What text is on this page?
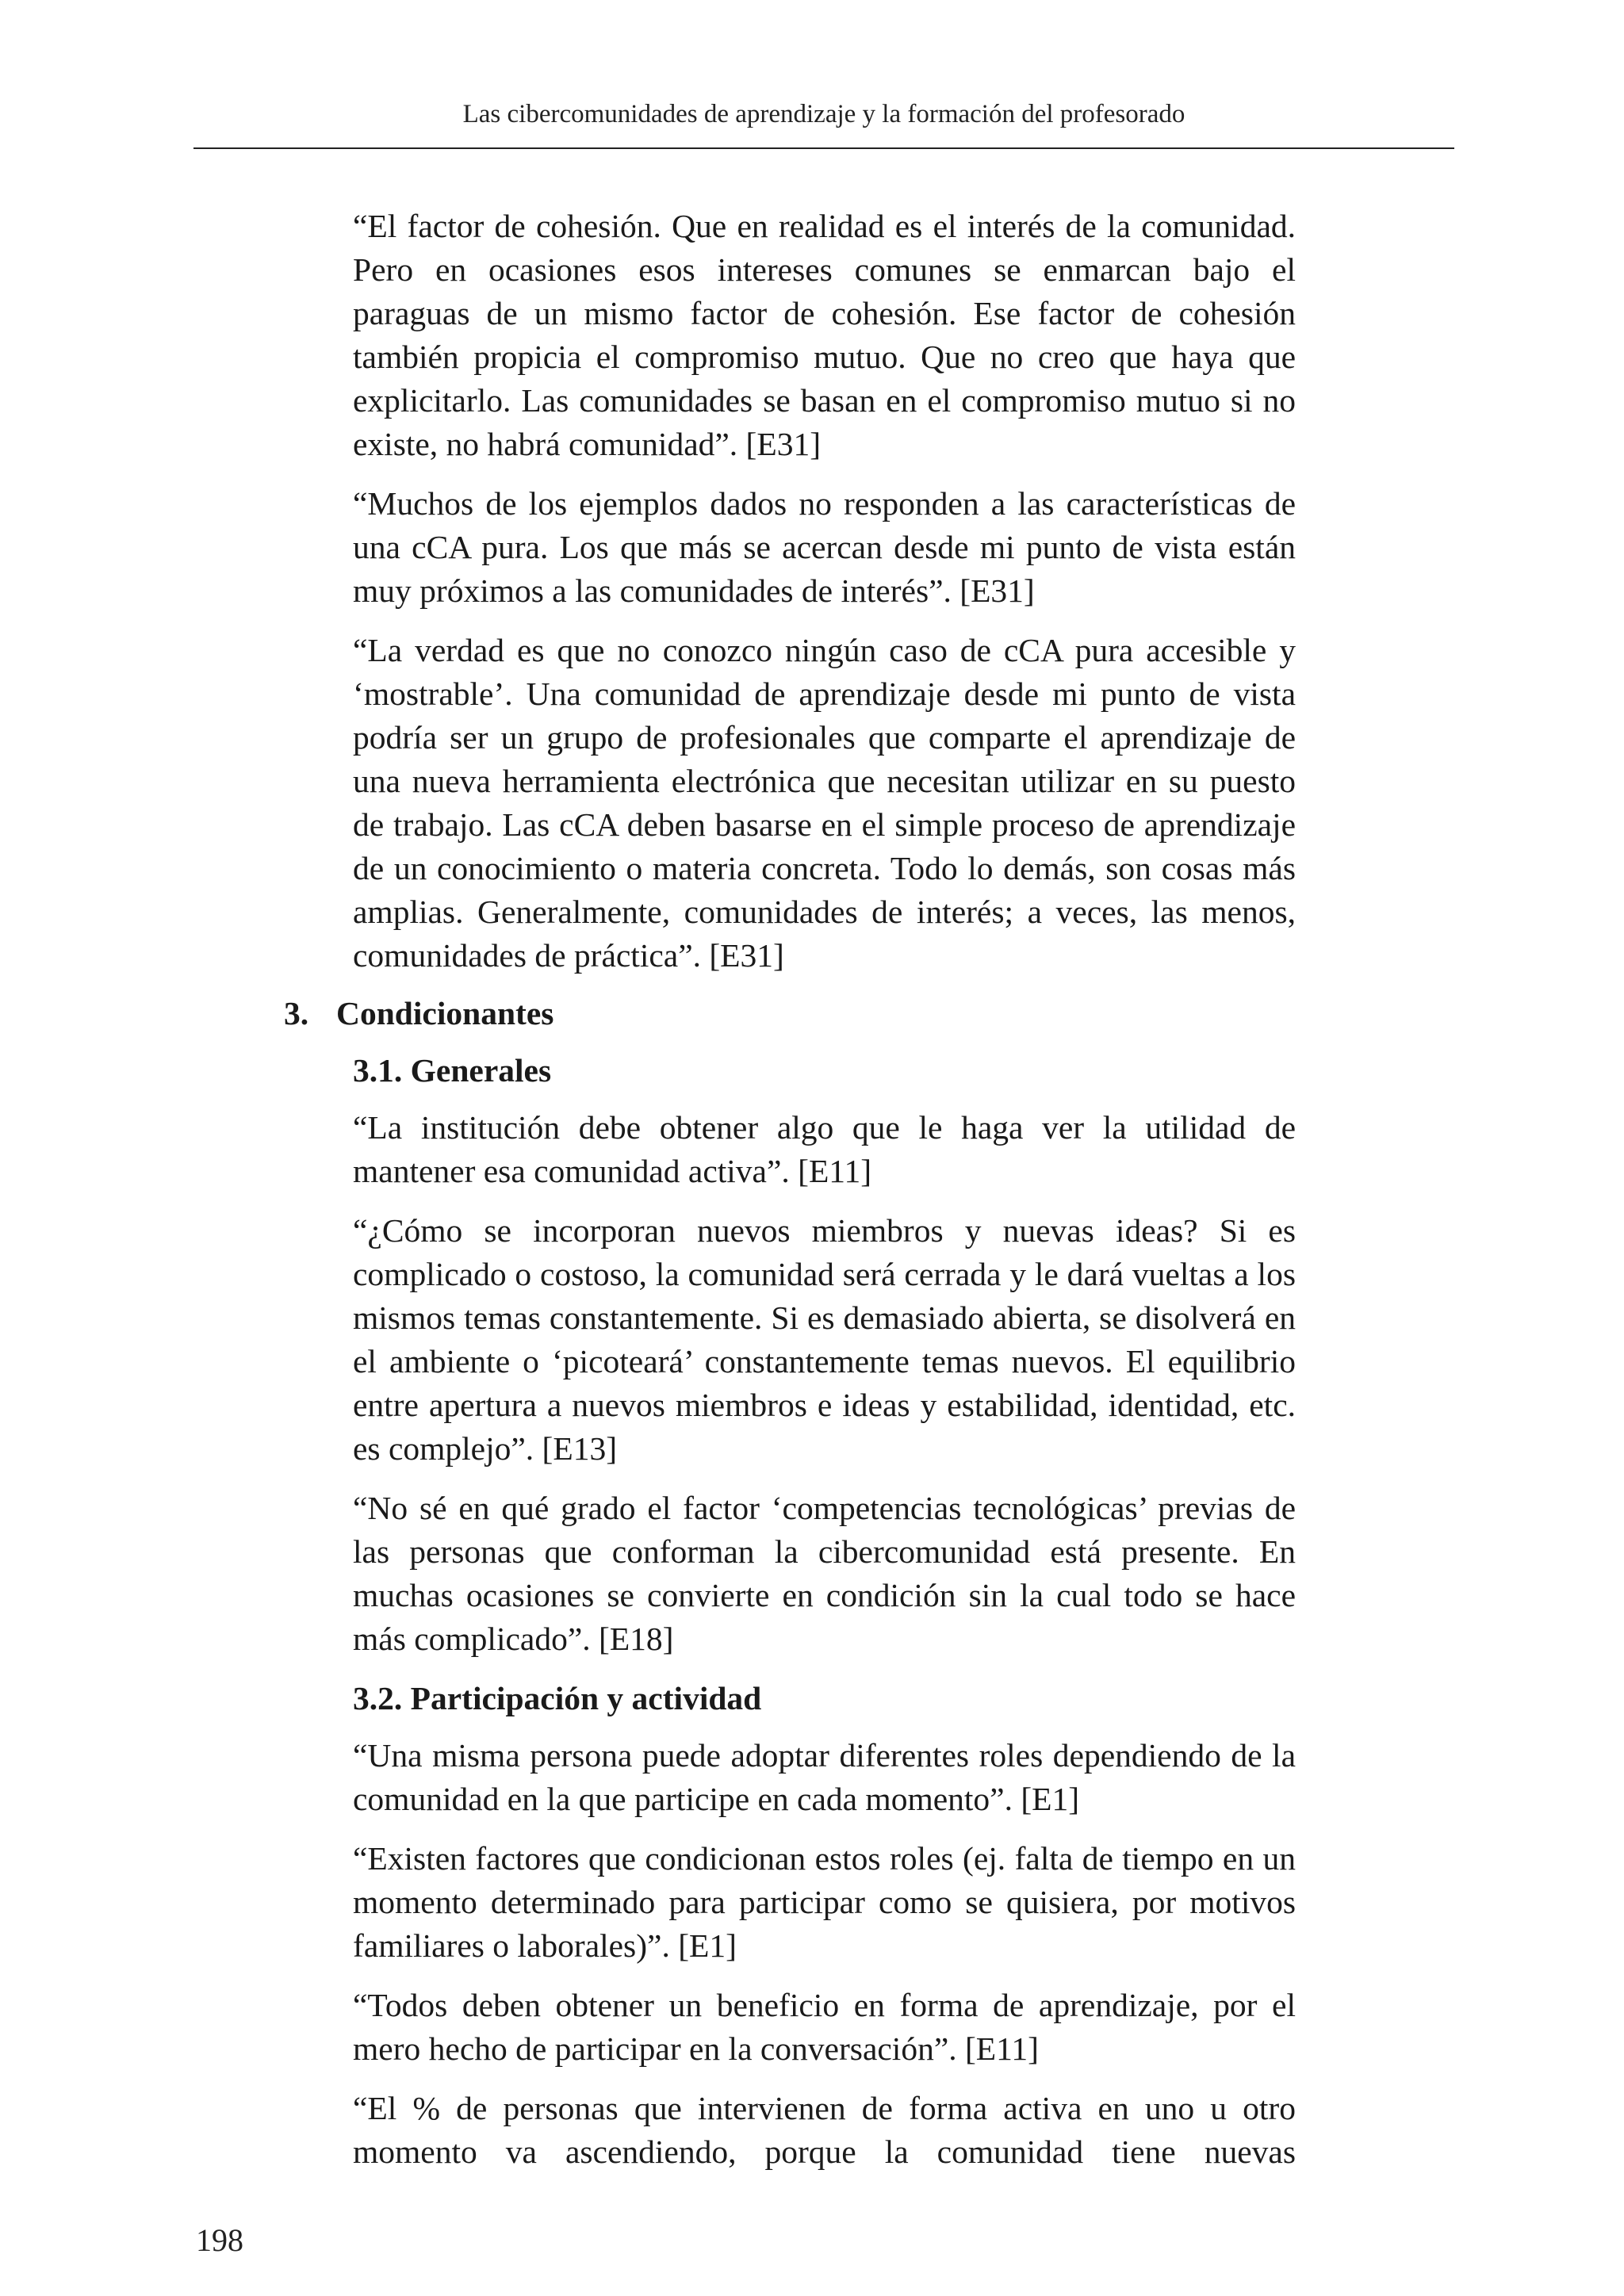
Las cibercomunidades de aprendizaje y la formación del profesorado

“El factor de cohesión. Que en realidad es el interés de la comunidad. Pero en ocasiones esos intereses comunes se enmarcan bajo el paraguas de un mismo factor de cohesión. Ese factor de cohesión también propicia el compromiso mutuo. Que no creo que haya que explicitarlo. Las comunidades se basan en el compromiso mutuo si no existe, no habrá comunidad”. [E31]

“Muchos de los ejemplos dados no responden a las características de una cCA pura. Los que más se acercan desde mi punto de vista están muy próximos a las comunidades de interés”. [E31]

“La verdad es que no conozco ningún caso de cCA pura accesible y ‘mostrable’. Una comunidad de aprendizaje desde mi punto de vista podría ser un grupo de profesionales que comparte el aprendizaje de una nueva herramienta electrónica que necesitan utilizar en su puesto de trabajo. Las cCA deben basarse en el simple proceso de aprendizaje de un conocimiento o materia concreta. Todo lo demás, son cosas más amplias. Generalmente, comunidades de interés; a veces, las menos, comunidades de práctica”. [E31]

3. Condicionantes
3.1. Generales

“La institución debe obtener algo que le haga ver la utilidad de mantener esa comunidad activa”. [E11]

“¿Cómo se incorporan nuevos miembros y nuevas ideas? Si es complicado o costoso, la comunidad será cerrada y le dará vueltas a los mismos temas constantemente. Si es demasiado abierta, se disolverá en el ambiente o ‘picoteará’ constantemente temas nuevos. El equilibrio entre apertura a nuevos miembros e ideas y estabilidad, identidad, etc. es complejo”. [E13]

“No sé en qué grado el factor ‘competencias tecnológicas’ previas de las personas que conforman la cibercomunidad está presente. En muchas ocasiones se convierte en condición sin la cual todo se hace más complicado”. [E18]

3.2. Participación y actividad

“Una misma persona puede adoptar diferentes roles dependiendo de la comunidad en la que participe en cada momento”. [E1]

“Existen factores que condicionan estos roles (ej. falta de tiempo en un momento determinado para participar como se quisiera, por motivos familiares o laborales)”. [E1]

“Todos deben obtener un beneficio en forma de aprendizaje, por el mero hecho de participar en la conversación”. [E11]

“El % de personas que intervienen de forma activa en uno u otro momento va ascendiendo, porque la comunidad tiene nuevas

198
